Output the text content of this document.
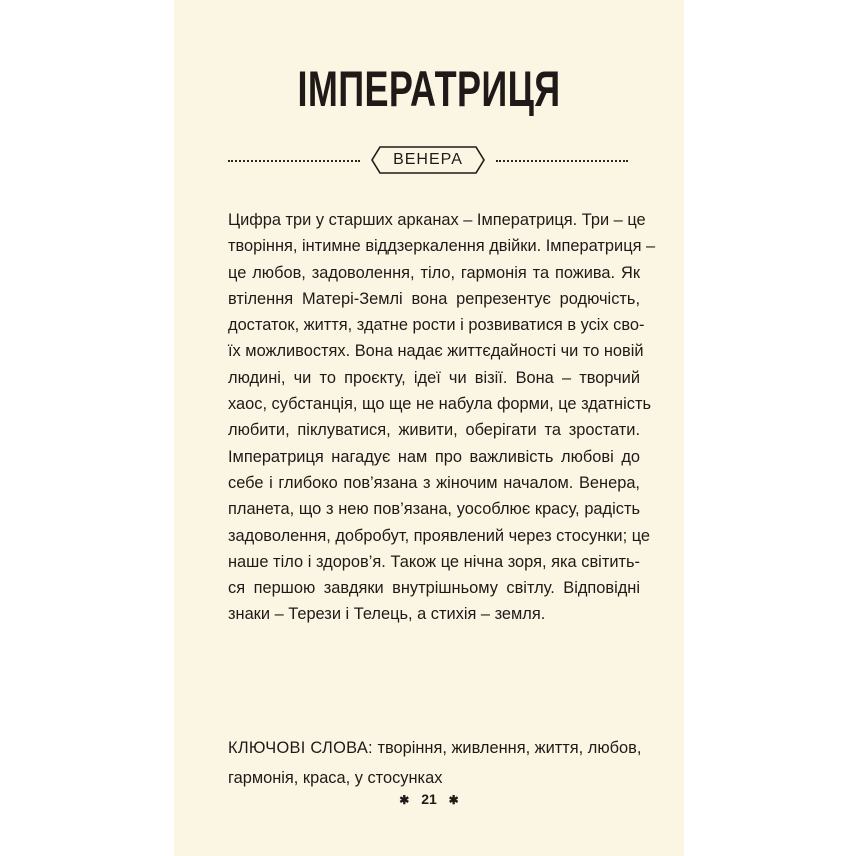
ІМПЕРАТРИЦЯ
ВЕНЕРА
Цифра три у старших арканах – Імператриця. Три – це
творіння, інтимне віддзеркалення двійки. Імператриця –
це любов, задоволення, тіло, гармонія та пожива. Як
втілення Матері-Землі вона репрезентує родючість,
достаток, життя, здатне рости і розвиватися в усіх сво-
їх можливостях. Вона надає життєдайності чи то новій
людині, чи то проєкту, ідеї чи візії. Вона – творчий
хаос, субстанція, що ще не набула форми, це здатність
любити, піклуватися, живити, оберігати та зростати.
Імператриця нагадує нам про важливість любові до
себе і глибоко пов’язана з жіночим началом. Венера,
планета, що з нею пов’язана, уособлює красу, радість
задоволення, добробут, проявлений через стосунки; це
наше тіло і здоров’я. Також це нічна зоря, яка світить-
ся першою завдяки внутрішньому світлу. Відповідні
знаки – Терези і Телець, а стихія – земля.
КЛЮЧОВІ СЛОВА: творіння, живлення, життя, любов,
гармонія, краса, у стосунках
✱ 21 ✱
